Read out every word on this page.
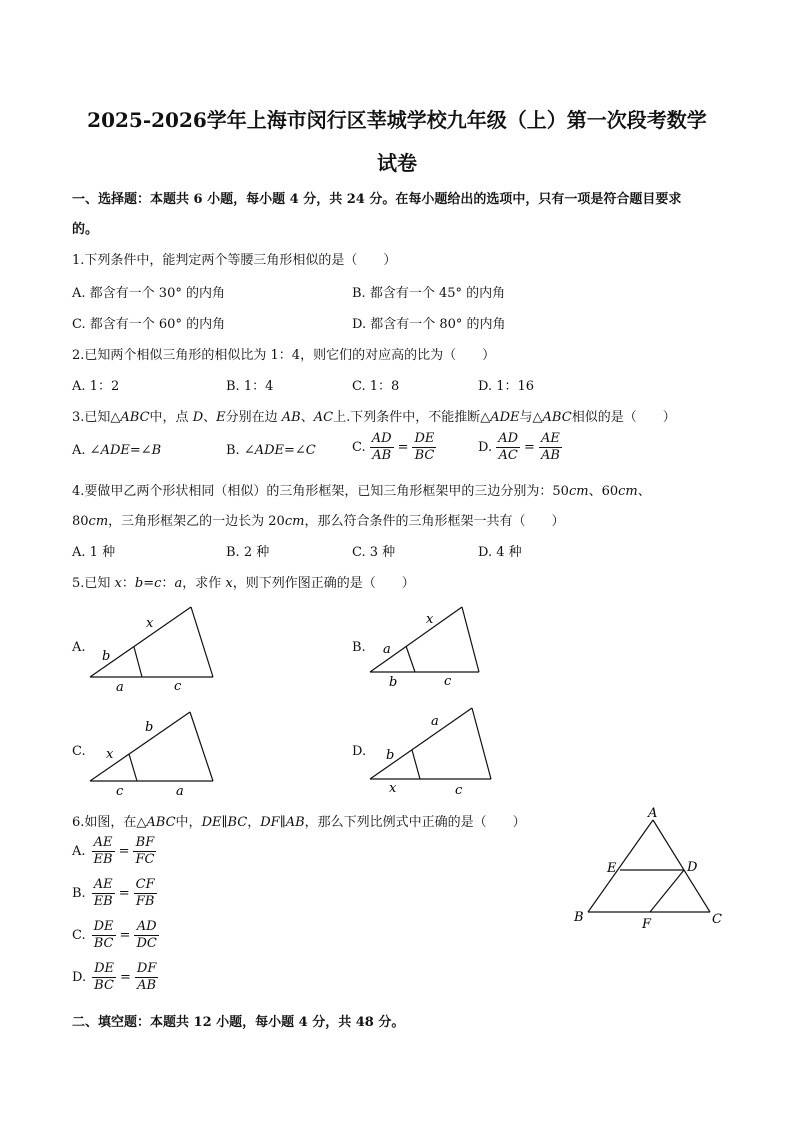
2025-2026学年上海市闵行区莘城学校九年级（上）第一次段考数学
试卷
一、选择题：本题共 6 小题，每小题 4 分，共 24 分。在每小题给出的选项中，只有一项是符合题目要求
的。
1.下列条件中，能判定两个等腰三角形相似的是（　　）
A. 都含有一个 30° 的内角	B. 都含有一个 45° 的内角
C. 都含有一个 60° 的内角	D. 都含有一个 80° 的内角
2.已知两个相似三角形的相似比为 1：4，则它们的对应高的比为（　　）
A. 1：2	B. 1：4	C. 1：8	D. 1：16
3.已知△ABC中，点 D、E分别在边 AB、AC上.下列条件中，不能推断△ADE与△ABC相似的是（　　）
A. ∠ADE=∠B	B. ∠ADE=∠C	C. $\frac{AD}{AB} = \frac{DE}{BC}$	D. $\frac{AD}{AC} = \frac{AE}{AB}$
4.要做甲乙两个形状相同（相似）的三角形框架，已知三角形框架甲的三边分别为：50cm、60cm、
80cm，三角形框架乙的一边长为 20cm，那么符合条件的三角形框架一共有（　　）
A. 1 种	B. 2 种	C. 3 种	D. 4 种
5.已知 x：b=c：a，求作 x，则下列作图正确的是（　　）
A.
x
b
a	c
B.
x
a
b	c
C.
b
x
c	a
D.
a
b
x	c
6.如图，在△ABC中，DE∥BC，DF∥AB，那么下列比例式中正确的是（　　）
A. $\frac{AE}{EB} = \frac{BF}{FC}$
B. $\frac{AE}{EB} = \frac{CF}{FB}$
C. $\frac{DE}{BC} = \frac{AD}{DC}$
D. $\frac{DE}{BC} = \frac{DF}{AB}$
A
B	C
D
E
F
二、填空题：本题共 12 小题，每小题 4 分，共 48 分。
